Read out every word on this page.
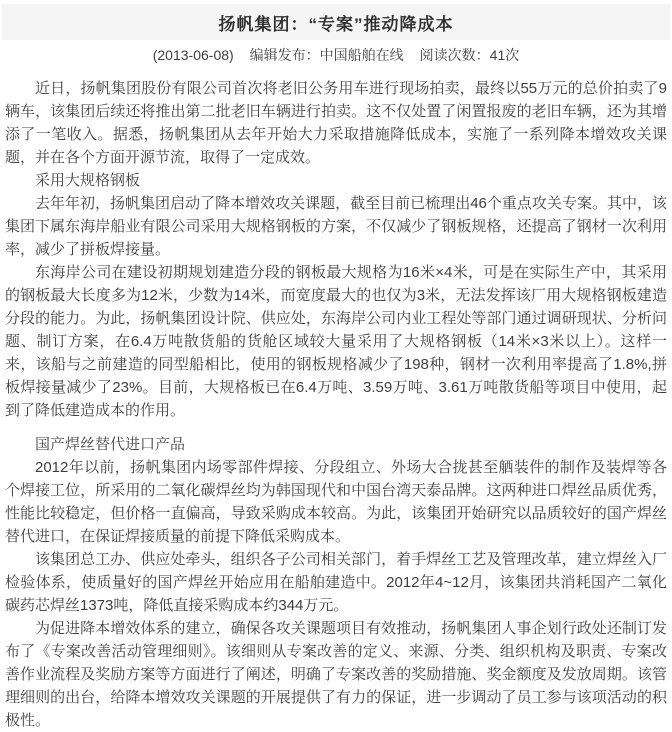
扬帆集团：“专案”推动降成本
(2013-06-08) 编辑发布：中国船舶在线 阅读次数：41次

近日，扬帆集团股份有限公司首次将老旧公务用车进行现场拍卖，最终以55万元的总价拍卖了9辆车，该集团后续还将推出第二批老旧车辆进行拍卖。这不仅处置了闲置报废的老旧车辆，还为其增添了一笔收入。据悉，扬帆集团从去年开始大力采取措施降低成本，实施了一系列降本增效攻关课题，并在各个方面开源节流，取得了一定成效。

采用大规格钢板

去年年初，扬帆集团启动了降本增效攻关课题，截至目前已梳理出46个重点攻关专案。其中，该集团下属东海岸船业有限公司采用大规格钢板的方案，不仅减少了钢板规格，还提高了钢材一次利用率，减少了拼板焊接量。

东海岸公司在建设初期规划建造分段的钢板最大规格为16米×4米，可是在实际生产中，其采用的钢板最大长度多为12米，少数为14米，而宽度最大的也仅为3米，无法发挥该厂用大规格钢板建造分段的能力。为此，扬帆集团设计院、供应处，东海岸公司内业工程处等部门通过调研现状、分析问题、制订方案，在6.4万吨散货船的货舱区域较大量采用了大规格钢板（14米×3米以上）。这样一来，该船与之前建造的同型船相比，使用的钢板规格减少了198种，钢材一次利用率提高了1.8%,拼板焊接量减少了23%。目前，大规格板已在6.4万吨、3.59万吨、3.61万吨散货船等项目中使用，起到了降低建造成本的作用。

国产焊丝替代进口产品

2012年以前，扬帆集团内场零部件焊接、分段组立、外场大合拢甚至舾装件的制作及装焊等各个焊接工位，所采用的二氧化碳焊丝均为韩国现代和中国台湾天泰品牌。这两种进口焊丝品质优秀，性能比较稳定，但价格一直偏高，导致采购成本较高。为此，该集团开始研究以品质较好的国产焊丝替代进口，在保证焊接质量的前提下降低采购成本。

该集团总工办、供应处牵头，组织各子公司相关部门，着手焊丝工艺及管理改革，建立焊丝入厂检验体系，使质量好的国产焊丝开始应用在船舶建造中。2012年4~12月，该集团共消耗国产二氧化碳药芯焊丝1373吨，降低直接采购成本约344万元。

为促进降本增效体系的建立，确保各攻关课题项目有效推动，扬帆集团人事企划行政处还制订发布了《专案改善活动管理细则》。该细则从专案改善的定义、来源、分类、组织机构及职责、专案改善作业流程及奖励方案等方面进行了阐述，明确了专案改善的奖励措施、奖金额度及发放周期。该管理细则的出台，给降本增效攻关课题的开展提供了有力的保证，进一步调动了员工参与该项活动的积极性。
